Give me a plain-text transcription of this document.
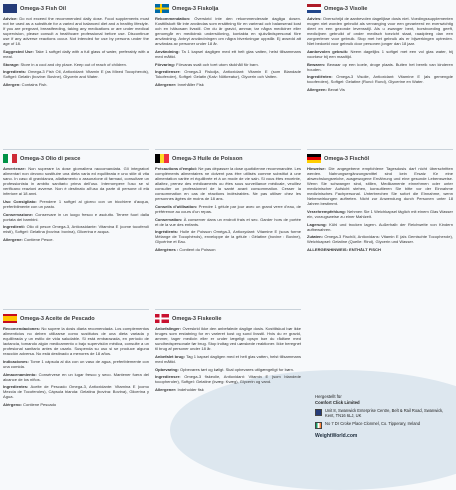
Omega-3 Fish Oil

Advice: Do not exceed the recommended daily dose. Food supplements must not be used as a substitute for a varied and balanced diet and a healthy lifestyle. If you are pregnant, breastfeeding, taking any medications or are under medical supervision, please consult a healthcare professional before use. Discontinue use if any adverse reactions occur. Not intended for use by persons under the age of 18.

Suggested Use: Take 1 softgel daily with a full glass of water, preferably with a meal.

Storage: Store in a cool and dry place. Keep out of reach of children.

Ingredients: Omega-3 Fish Oil, Antioxidant: Vitamin E (as Mixed Tocopherols), Softgel: Gelatin (bovine: Bovine), Glycerin and Water.

Allergen: Contains Fish.

Omega-3 Olio di pesce

Avvertenze: Non superare la dose giornaliera raccomandata. Gli integratori alimentari non devono sostituire una dieta varia ed equilibrata e uno stile di vita sano. In caso di gravidanza, allattamento o assunzione di farmaci, consultare un professionista in ambito sanitario prima dell'uso. Interrompere l'uso se si verificano reazioni avverse. Non è destinato all'uso da parte di persone di età inferiore ai 18 anni.

Uso Consigliato: Prendere 1 softgel al giorno con un bicchiere d'acqua, preferibilmente con un pasto.

Conservazione: Conservare in un luogo fresco e asciutto. Tenere fuori dalla portata dei bambini.

Ingredienti: Olio di pesce Omega-3, Antiossidante: Vitamina E (come tocoferoli misti), Softgel: Gelatina (bovina: bovina), Glicerina e acqua.

Allergene: Contiene Pesce.

Omega-3 Aceite de Pescado

Recomendaciones: No supere la dosis diaria recomendada. Los complementos alimenticios no deben utilizarse como sustitutos de una dieta variada y equilibrada y un estilo de vida saludable. Si está embarazada, en período de lactancia, tomando algún medicamento o bajo supervisión médica, consulte a un profesional sanitario antes de usarlo. Suspenda su uso si se produce alguna reacción adversa. No está destinado a menores de 18 años.

Indicaciones: Tome 1 cápsula al día con un vaso de agua, preferiblemente con una comida.

Almacenamiento: Consérvese en un lugar fresco y seco. Mantener fuera del alcance de los niños.

Ingredientes: Aceite de Pescado Omega-3, Antioxidante: Vitamina E (como Mezcla de Tocoferoles), Cápsula blanda: Gelatina (bovina: Bovina), Glicerina y Agua.

Alérgeno: Contiene Pescado

Omega-3 Fiskolja

Rekommendation: Överskrid inte den rekommenderade dagliga dosen. Kosttillskott får inte användas som ersättning för en varierad och balanserad kost och en hälsosam livsstil. Om du är gravid, ammar, tar några mediciner eller genomgår en medicinsk undersökning, kontakta en sjukvårdspersonal före användning. Avbryt användningen om några biverkningar uppstår. Ej avsedd att användas av personer under 18 år.

Användning: Ta 1 kapsel dagligen med ett helt glas vatten, helst tillsammans med måltid.

Förvaring: Förvaras svalt och torrt utom räckhåll för barn.

Ingredienser: Omega-3 Fiskolja, Antioxidant: Vitamin E (som Blandade Tokoferoler), Softgel: Gelatin (Kalv: Nötkreatur), Glycerin och Vatten.

Allergener: Innehåller Fisk

Omega-3 Huile de Poisson

Précautions d'emploi: Ne pas dépasser la dose quotidienne recommandée. Les compléments alimentaires ne doivent pas être utilisés comme substitut à une alimentation variée et équilibrée et à un mode de vie sain. Si vous êtes enceinte, allaitez, prenez des médicaments ou êtes sous surveillance médicale, veuillez consulter un professionnel de la santé avant consommation. Cesser la consommation en cas de réactions indésirables. Ne pas utiliser chez les personnes âgées de moins de 18 ans.

Conseils d'utilisation: Prendre 1 gélule par jour avec un grand verre d'eau, de préférence au cours d'un repas.

Conservation: À conserver dans un endroit frais et sec. Garder hors de portée et de la vue des enfants.

Ingrédients: Huile de Poisson Oméga-3, Antioxydant: Vitamine E (sous forme Mélange de Tocophérols), enveloppe de la gélule : Gélatine (bovine : Bovine), Glycérine et Eau.

Allergènes : Contient du Poisson

Omega-3 Fiskeolie

Anbefalinger: Overskrid ikke den anbefalede daglige dosis. Kosttilskud bør ikke bruges som erstatning for en varieret kost og sund livsstil. Hvis du er gravid, ammer, tager medicin eller er under lægeligt opsyn bør du rådføre med sundhedspersonale før brug. Stop indtag ved uønskede reaktioner. Ikke beregnet til brug af personer under 18 år.

Anbefalet brug: Tag 1 kapsel dagligen med et helt glas vatten, helst tillsammans med måltid.

Opbevaring: Opbevares tørt og køligt. Skal opbevares utilgængeligt for børn.

Ingredienser: Omega-3 fiskeolie, Antioxidant: Vitamin E (som blandede tocopheroler), Softgel: Gelatine (kvæg: Kvæg), Glycerin og vand.

Allergener: Indeholder fisk

Omega-3 Visolie

Advies: Overschrijd de aanbevolen dagelijkse dosis niet. Voedingssupplementen mogen niet worden gebruikt als vervanging voor een gevarieerd en evenwichtig dieet en een gezonde levensstijl. Als u zwanger bent, borstvoeding geeft, medicijnen gebruikt of onder medisch toezicht staat, raadpleeg dan een zorgverlener voor gebruik. Stop met het gebruik als er bijwerkingen optreden. Niet bedoeld voor gebruik door personen jonger dan 18 jaar.

Aanbevolen gebruik: Neem dagelijks 1 softgel met een vol glas water, bij voorkeur bij een maaltijd.

Bewaren: Bewaar op een koele, droge plaats. Buiten het bereik van kinderen houden.

Ingrediënten: Omega-3 Visolie, Antioxidant: Vitamine E (als gemengde tocoferolen), Softgel: Gelatine (Rund: Rund), Glycerine en Water.

Allergeen: Bevat Vis

Omega-3 Fischöl

Hinweise: Die angegebene empfohlene Tagesdosis darf nicht überschritten werden. Nahrungsergänzungsmittel sind kein Ersatz für eine abwechslungsreiche, ausgewogene Ernährung und eine gesunde Lebensweise. Wenn Sie schwanger sind, stillen, Medikamente einnehmen oder unter medizinischer Aufsicht stehen, konsultieren Sie bitte vor der Einnahme medizinisches Fachpersonal. Unterbrechen Sie sofort die Einnahme, wenn Nebenwirkungen auftreten. Nicht zur Anwendung durch Personen unter 18 Jahren bestimmt.

Verzehrempfehlung: Nehmen Sie 1 Weichkapsel täglich mit einem Glas Wasser ein, vorzugsweise zu einer Mahlzeit.

Lagerung: Kühl und trocken lagern. Außerhalb der Reichweite von Kindern aufbewahren.

Zutaten: Omega-3 Fischöl, Antioxidans: Vitamin E (als Gemischte Tocopherole), Weichkapsel: Gelatine (Quelle: Rind), Glycerin und Wasser.

ALLERGENHINWEIS: ENTHÄLT FISCH

Hergestellt für
Comfort Click Limited
Unit 8, Swanwick Enterprise Centre, Belt & Rail Road, Swanwick, Kent, TN16 6LJ, UK
No 7 Dr Croke Place Clonmel, Co. Tipperary, Ireland
WeightWorld.com
